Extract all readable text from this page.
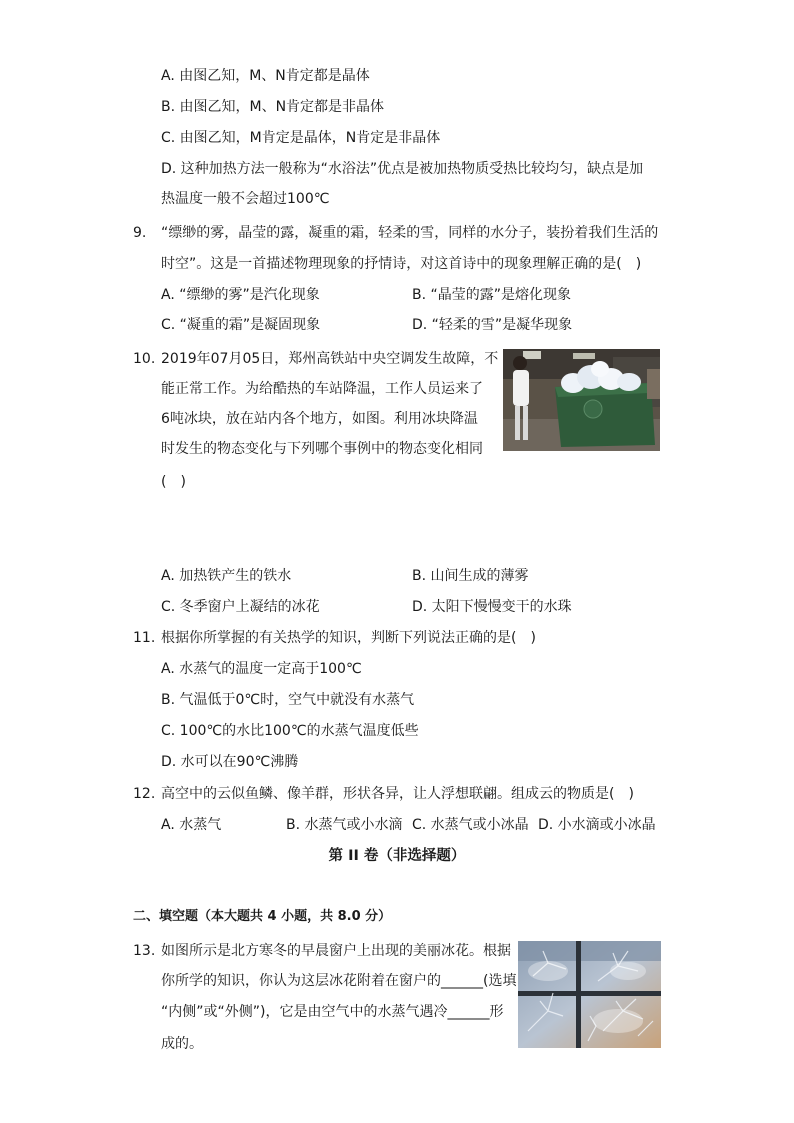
A. 由图乙知，M、N肯定都是晶体
B. 由图乙知，M、N肯定都是非晶体
C. 由图乙知，M肯定是晶体，N肯定是非晶体
D. 这种加热方法一般称为“水浴法”优点是被加热物质受热比较均匀，缺点是加
热温度一般不会超过100℃
9. “缥缈的雾，晶莹的露，凝重的霜，轻柔的雪，同样的水分子，装扮着我们生活的
时空”。这是一首描述物理现象的抒情诗，对这首诗中的现象理解正确的是(　)
A. “缥缈的雾”是汽化现象	B. “晶莹的露”是熔化现象
C. “凝重的霜”是凝固现象	D. “轻柔的雪”是凝华现象
10. 2019年07月05日，郑州高铁站中央空调发生故障，不
能正常工作。为给酷热的车站降温，工作人员运来了
6吨冰块，放在站内各个地方，如图。利用冰块降温
时发生的物态变化与下列哪个事例中的物态变化相同
(　)
A. 加热铁产生的铁水	B. 山间生成的薄雾
C. 冬季窗户上凝结的冰花	D. 太阳下慢慢变干的水珠
11. 根据你所掌握的有关热学的知识，判断下列说法正确的是(　)
A. 水蒸气的温度一定高于100℃
B. 气温低于0℃时，空气中就没有水蒸气
C. 100℃的水比100℃的水蒸气温度低些
D. 水可以在90℃沸腾
12. 高空中的云似鱼鳞、像羊群，形状各异，让人浮想联翩。组成云的物质是(　)
A. 水蒸气	B. 水蒸气或小水滴 C. 水蒸气或小冰晶 D. 小水滴或小冰晶
第 II 卷（非选择题）
二、填空题（本大题共 4 小题，共 8.0 分）
13. 如图所示是北方寒冬的早晨窗户上出现的美丽冰花。根据
你所学的知识，你认为这层冰花附着在窗户的______(选填
“内侧”或“外侧”)，它是由空气中的水蒸气遇冷______形
成的。
